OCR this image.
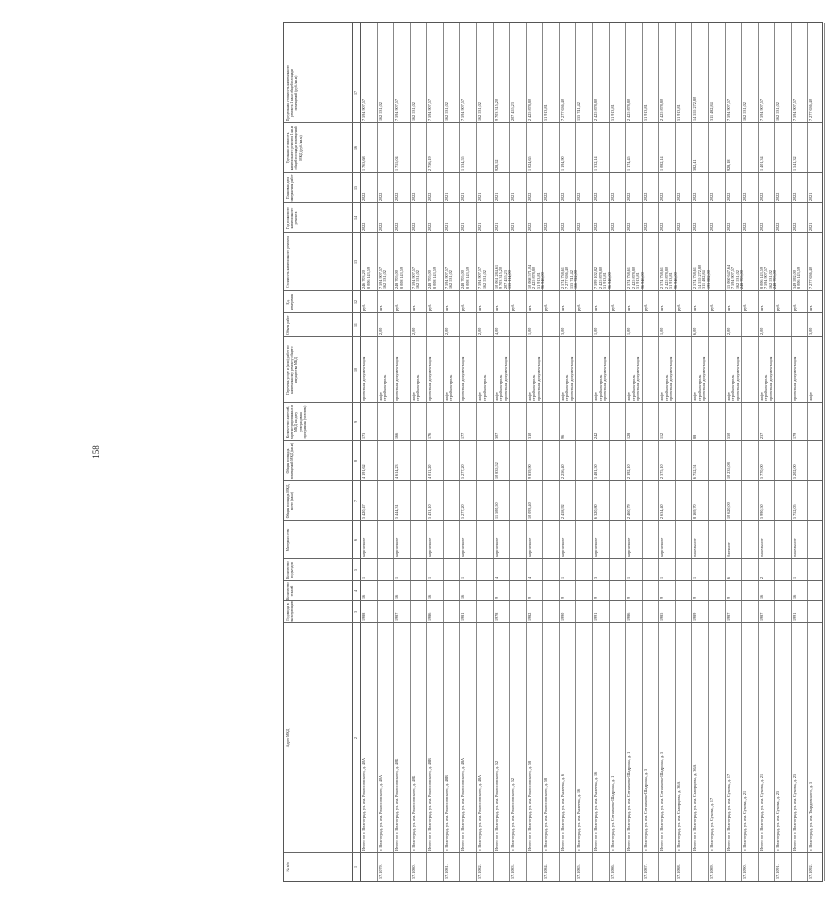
158
№ п/п
Адрес МКД
Год ввода в эксплуатацию
Количество этажей
Количество подъездов
Материал стен
Общая площадь МКД, всего (кв.м)
Общая площадь помещений МКД (кв.м)
Количество жителей, зарегистрированных в МКД на дату утверждения программы (человек)
Перечень услуг и (или) работ по капитальному ремонту общего имущества МКД
Объем работ
Ед. измерения
Стоимость капитального ремонта
Год планового капитального ремонта
Плановая дата завершения работ
Удельная стоимость капитального ремонта 1 кв.м общей площади помещений МКД (руб./кв.м)
Предельная стоимость капитального ремонта 1 кв.м общей площади помещений (руб./кв.м)
1
2
3
4
5
6
7
8
9
10
11
12
13
14
15
16
17
Итого по г. Волгоград, ул. им. Рокоссовского, д. 40А
1988
16
1
кирпичное
5 420,47
4 191,62
173
проектная документация
руб.
246 703,20 8 006 143,59
2022
2022
1 763,68
7 594 907,57
57.1079.
г. Волгоград, ул. им. Рокоссовского, д. 40А
лифт стройконтроль
2,00
шт.
7 594 907,57 162 531,02
2022
2022
162 531,02
Итого по г. Волгоград, ул. им. Рокоссовского, д. 40Б
1987
16
1
кирпичное
5 444,31
4 614,23
166
проектная документация
руб.
248 705,00 8 008 143,59
2022
2022
1 755,04
7 594 907,57
57.1080.
г. Волгоград, ул. им. Рокоссовского, д. 40Б
лифт стройконтроль
2,00
шт.
7 594 907,57 162 531,02
2022
2022
162 531,02
Итого по г. Волгоград, ул. им. Рокоссовского, д. 48В
1986
16
1
кирпичное
5 431,10
4 011,20
176
проектная документация
руб.
248 705,00 8 008 143,59
2022
2022
2 756,19
7 594 907,57
57.1081.
г. Волгоград, ул. им. Рокоссовского, д. 48В
лифт стройконтроль
2,00
шт.
7 594 907,57 162 531,02
2021
2021
162 531,02
Итого по г. Волгоград, ул. им. Рокоссовского, д. 48А
1981
16
1
кирпичное
5 277,20
5 277,20
177
проектная документация
руб.
248 705,00 8 008 143,59
2021
2021
1 534,55
7 594 907,57
57.1082.
г. Волгоград, ул. им. Рокоссовского, д. 48А
лифт стройконтроль
2,00
шт.
7 594 907,57 162 531,02
2021
2021
162 531,02
Итого по г. Волгоград, ул. им. Рокоссовского, д. 52
1978
9
4
кирпичное
11 500,50
10 835,52
307
лифт стройконтроль проектная документация
4,00
шт.
10 061 284,61 9 703 315,20 207 455,23 155 114,00
2021
2021
928,52
9 703 315,20
57.1083.
г. Волгоград, ул. им. Рокоссовского, д. 52
руб.
2021
2021
207 455,23
Итого по г. Волгоград, ул. им. Рокоссовского, д. 58
1982
9
4
кирпичное
10 093,40
9 839,90
310
лифт стройконтроль проектная документация
1,00
шт.
10 068 571,04 2 425 878,80 51 913,81 96 946,00
2022
2022
1 024,65
2 425 878,80
57.1084.
г. Волгоград, ул. им. Рокоссовского, д. 58
руб.
2022
2022
51 913,81
Итого по г. Волгоград, ул. им. Рылеева, д. 6
1990
9
1
кирпичное
2 458,92
2 256,40
96
лифт стройконтроль проектная документация
3,00
шт.
2 574 738,61 7 277 636,40 155 741,42 166 722,00
2022
2022
1 194,90
7 277 636,40
57.1085.
г. Волгоград, ул. им. Рылеева, д. 16
руб.
2022
2022
155 741,42
Итого по г. Волгоград, ул. им. Рылеева, д. 16
1991
9
3
кирпичное
6 320,80
5 481,50
242
лифт стройконтроль проектная документация
1,00
шт.
7 599 102,82 2 425 878,80 51 913,81 96 946,00
2022
2022
1 332,14
2 425 878,80
57.1086.
г. Волгоград, ул. Сотникова-Шадрина, д. 1
руб.
2022
2022
51 913,81
Итого по г. Волгоград, ул. им. Сотникова-Шадрина, д. 1
1986
9
1
кирпичное
2 460,79
2 192,10
128
лифт стройконтроль проектная документация
1,00
шт.
2 574 738,61 2 425 878,80 51 913,81 96 946,00
2022
2022
1 174,45
2 425 878,80
57.1087.
г. Волгоград, ул. им. Сотникова-Шадрина, д. 5
руб.
2022
2022
51 913,81
Итого по г. Волгоград, ул. им. Сотникова-Шадрина, д. 5
1985
9
1
кирпичное
2 634,40
2 375,10
112
лифт стройконтроль проектная документация
1,00
шт.
2 574 738,61 2 425 878,80 51 913,81 96 946,00
2022
2022
1 082,14
2 425 878,80
57.1088.
г. Волгоград, ул. им. Скворцова, д. 36А
руб.
2022
2022
51 913,81
Итого по г. Волгоград, ул. им. Скворцова, д. 36А
1989
9
1
панельное
8 169,70
6 752,51
88
лифт стройконтроль проектная документация
6,00
шт.
2 574 738,61 14 555 272,80 311 482,84 193 882,00
2022
2022
382,41
14 555 272,80
57.1089.
г. Волгоград, ул. Сухова, д. 17
руб.
2022
2022
311 482,84
Итого по г. Волгоград, ул. им. Сухова, д. 17
1987
9
6
блочное
10 620,00
10 235,08
550
лифт стройконтроль проектная документация
2,00
шт.
15 060 647,64 7 594 907,57 162 531,02 248 705,00
2022
2022
928,18
7 594 907,57
57.1090.
г. Волгоград, ул. им. Сухова, д. 21
руб.
2022
2022
162 531,02
Итого по г. Волгоград, ул. им. Сухова, д. 21
1987
16
2
панельное
5 990,50
5 770,00
237
лифт стройконтроль проектная документация
2,00
шт.
8 006 143,59 7 594 907,57 162 531,02 248 705,00
2022
2022
1 401,34
7 594 907,57
57.1091.
г. Волгоград, ул. им. Сухова, д. 25
руб.
2022
2022
162 531,02
Итого по г. Волгоград, ул. им. Сухова, д. 25
1991
16
1
панельное
5 752,05
5 202,00
179
проектная документация
руб.
349 592,00 8 006 143,59
2022
2022
1 541,32
7 594 907,57
57.1092.
г. Волгоград, ул. им. Твардовского, д. 5
лифт
3,00
шт.
7 277 636,40
2021
2021
7 277 636,40
